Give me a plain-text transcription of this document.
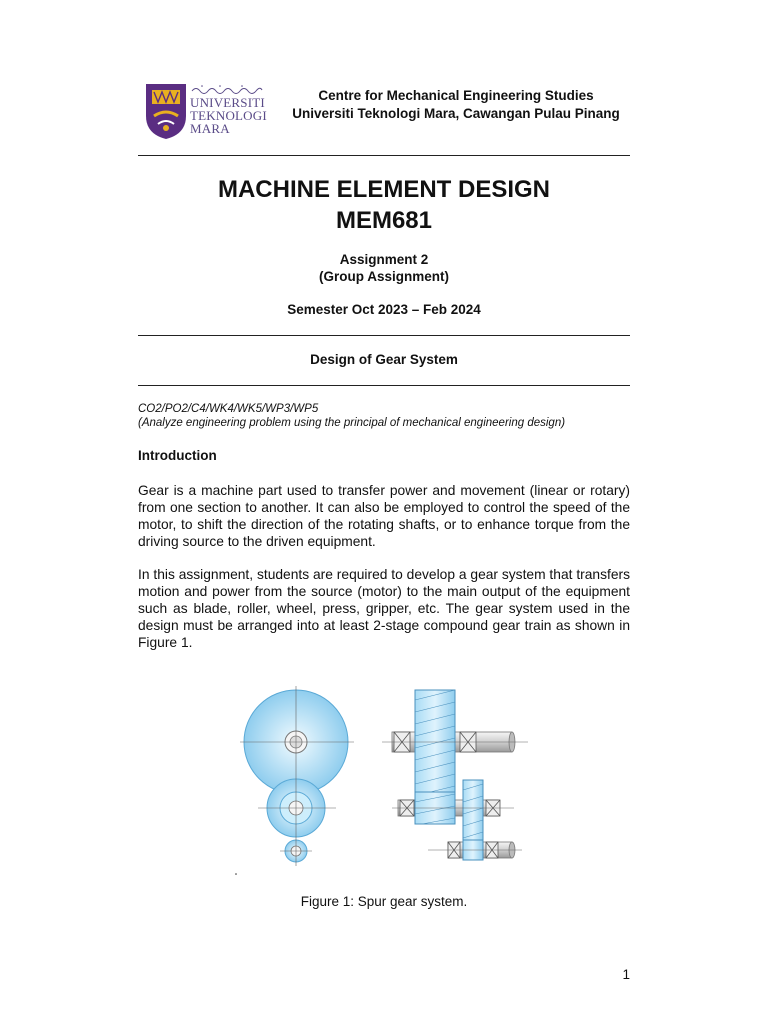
UNIVERSITI
TEKNOLOGI
MARA
Centre for Mechanical Engineering Studies
Universiti Teknologi Mara, Cawangan Pulau Pinang
MACHINE ELEMENT DESIGN
MEM681
Assignment 2
(Group Assignment)
Semester Oct 2023 – Feb 2024
Design of Gear System
CO2/PO2/C4/WK4/WK5/WP3/WP5
(Analyze engineering problem using the principal of mechanical engineering design)
Introduction
Gear is a machine part used to transfer power and movement (linear or rotary) from one section to another. It can also be employed to control the speed of the motor, to shift the direction of the rotating shafts, or to enhance torque from the driving source to the driven equipment.
In this assignment, students are required to develop a gear system that transfers motion and power from the source (motor) to the main output of the equipment such as blade, roller, wheel, press, gripper, etc. The gear system used in the design must be arranged into at least 2-stage compound gear train as shown in Figure 1.
Figure 1: Spur gear system.
1
